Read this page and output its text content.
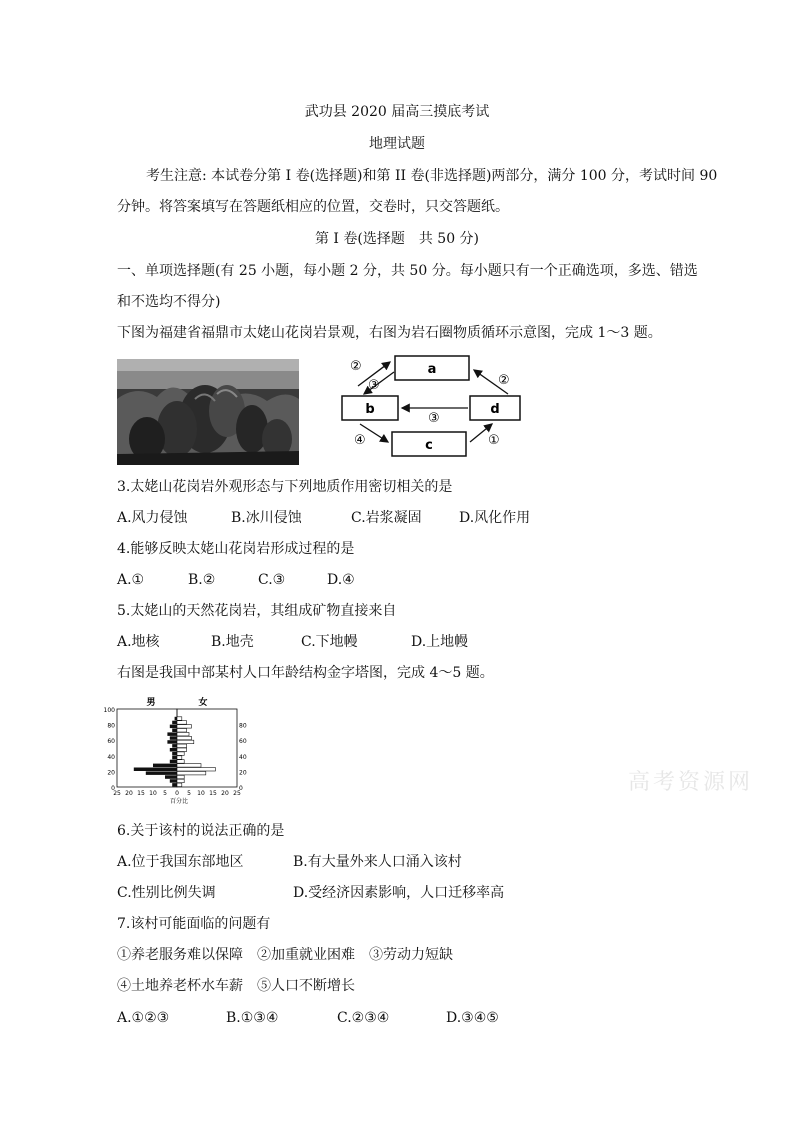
武功县 2020 届高三摸底考试
地理试题
考生注意: 本试卷分第 I 卷(选择题)和第 II 卷(非选择题)两部分，满分 100 分，考试时间 90
分钟。将答案填写在答题纸相应的位置，交卷时，只交答题纸。
第 I 卷(选择题　共 50 分)
一、单项选择题(有 25 小题，每小题 2 分，共 50 分。每小题只有一个正确选项，多选、错选
和不选均不得分)
下图为福建省福鼎市太姥山花岗岩景观，右图为岩石圈物质循环示意图，完成 1～3 题。
a
b
c
d
②
③	②
③
④	①
3.太姥山花岗岩外观形态与下列地质作用密切相关的是
A.风力侵蚀	B.冰川侵蚀	C.岩浆凝固	D.风化作用
4.能够反映太姥山花岗岩形成过程的是
A.①	B.②	C.③	D.④
5.太姥山的天然花岗岩，其组成矿物直接来自
A.地核	B.地壳	C.下地幔	D.上地幔
右图是我国中部某村人口年龄结构金字塔图，完成 4～5 题。
男	女
100
80	80
60	60
40	40
20	20
0	0
25 20 15 10 5 0 5 10 15 20 25
百分比
高考资源网
6.关于该村的说法正确的是
A.位于我国东部地区	B.有大量外来人口涌入该村
C.性别比例失调	D.受经济因素影响，人口迁移率高
7.该村可能面临的问题有
①养老服务难以保障　②加重就业困难　③劳动力短缺
④土地养老杯水车薪　⑤人口不断增长
A.①②③	B.①③④	C.②③④	D.③④⑤
